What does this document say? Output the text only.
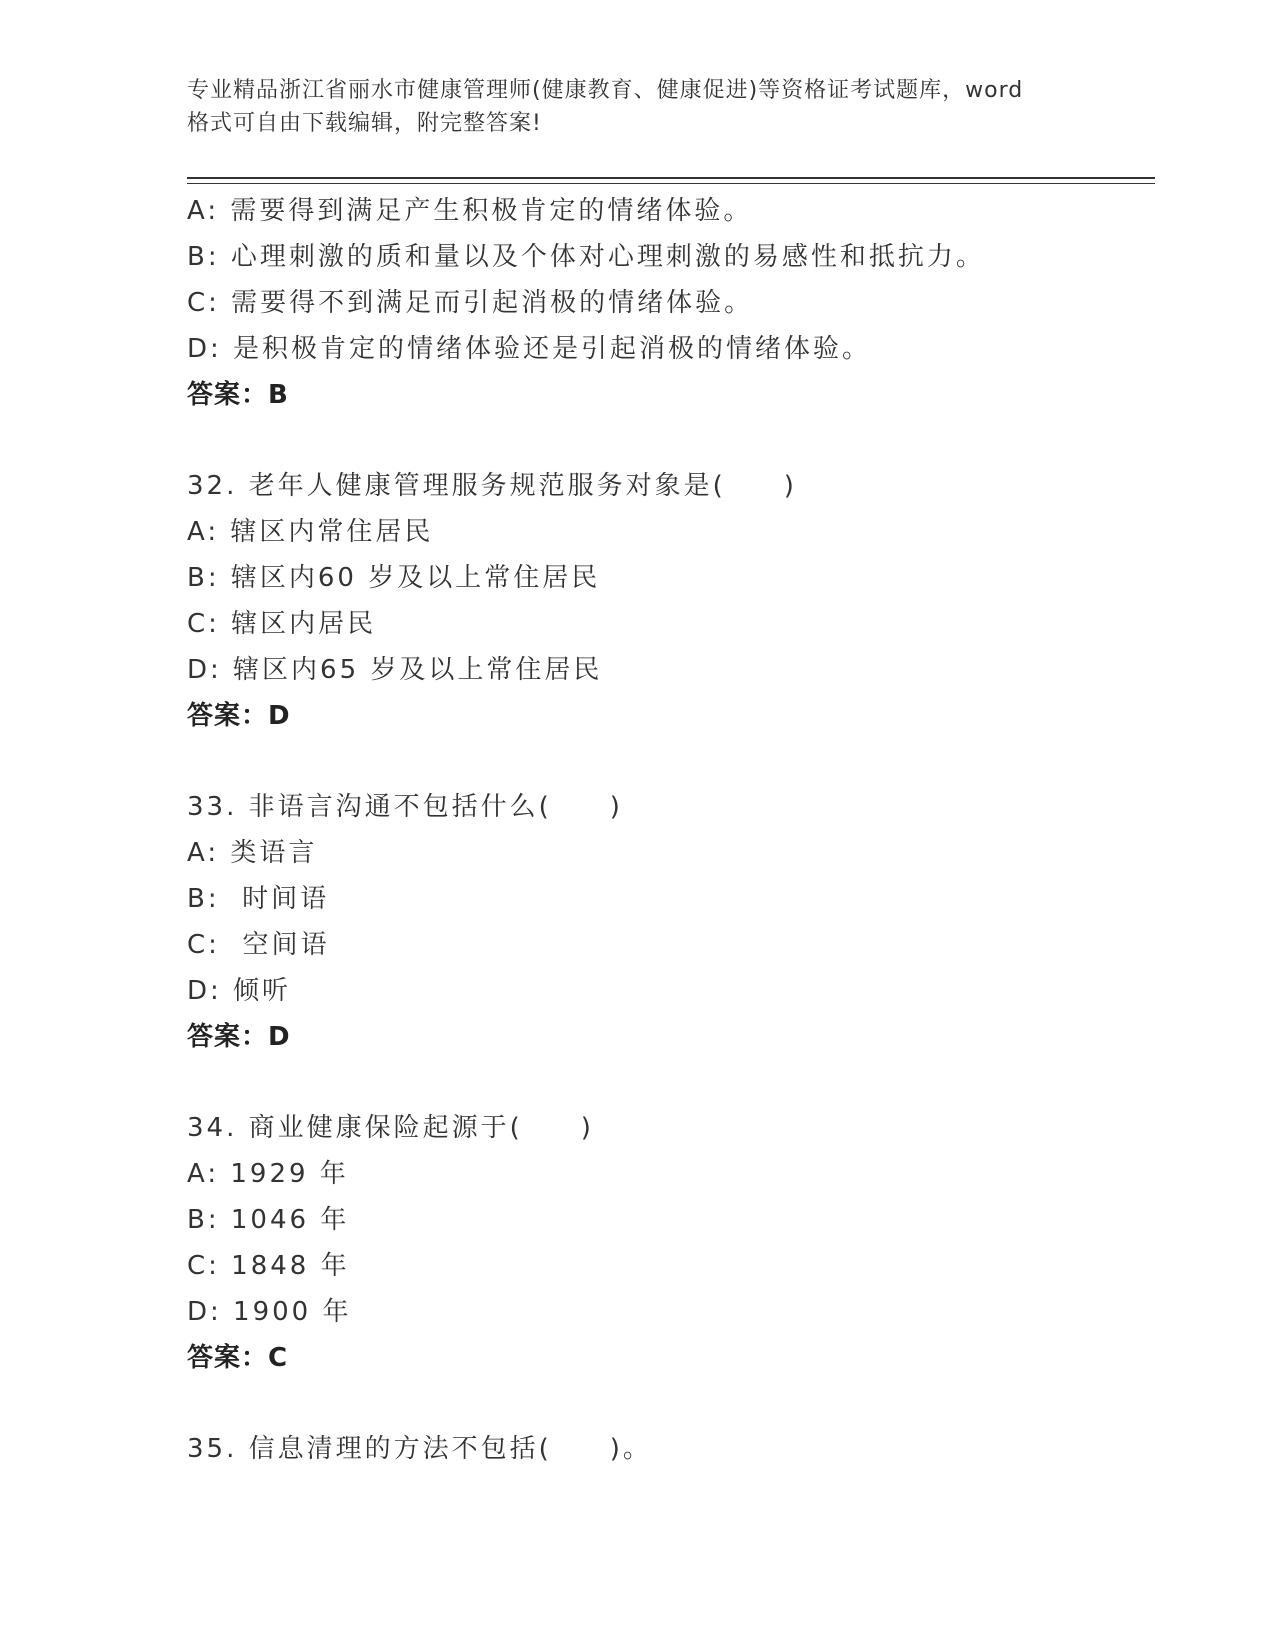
专业精品浙江省丽水市健康管理师(健康教育、健康促进)等资格证考试题库，word
格式可自由下载编辑，附完整答案!
A: 需要得到满足产生积极肯定的情绪体验。
B: 心理刺激的质和量以及个体对心理刺激的易感性和抵抗力。
C: 需要得不到满足而引起消极的情绪体验。
D: 是积极肯定的情绪体验还是引起消极的情绪体验。
答案：B
32. 老年人健康管理服务规范服务对象是(　　)
A: 辖区内常住居民
B: 辖区内60 岁及以上常住居民
C: 辖区内居民
D: 辖区内65 岁及以上常住居民
答案：D
33. 非语言沟通不包括什么(　　)
A: 类语言
B:  时间语
C:  空间语
D: 倾听
答案：D
34. 商业健康保险起源于(　　)
A: 1929 年
B: 1046 年
C: 1848 年
D: 1900 年
答案：C
35. 信息清理的方法不包括(　　)。
